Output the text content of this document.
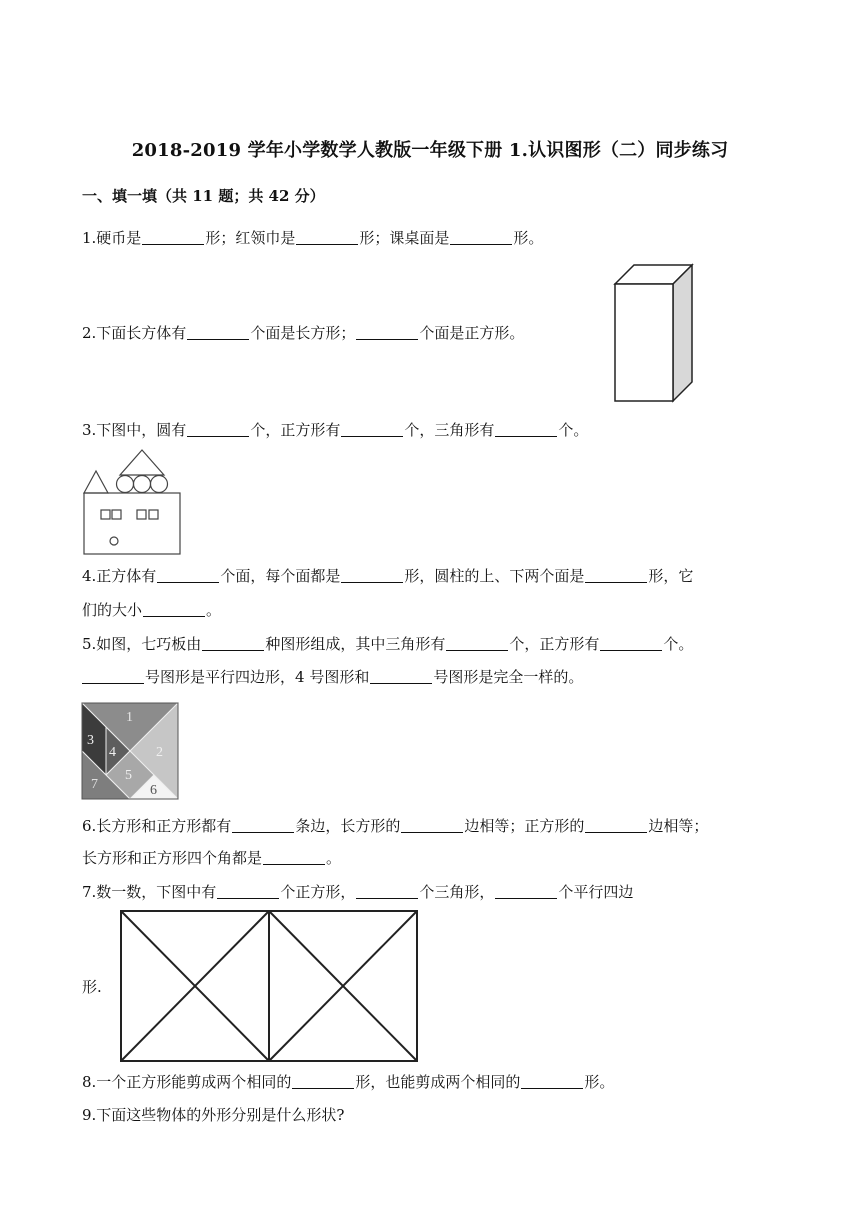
2018-2019 学年小学数学人教版一年级下册 1.认识图形（二）同步练习
一、填一填（共 11 题；共 42 分）
1.硬币是	形；红领巾是	形；课桌面是	形。
2.下面长方体有	个面是长方形；	个面是正方形。
3.下图中，圆有	个，正方形有	个，三角形有	个。
4.正方体有	个面，每个面都是	形，圆柱的上、下两个面是	形，它
们的大小	。
5.如图，七巧板由	种图形组成，其中三角形有	个，正方形有	个。
号图形是平行四边形，4 号图形和	号图形是完全一样的。
1
2
3
4
5
6
7
6.长方形和正方形都有	条边，长方形的	边相等；正方形的	边相等；
长方形和正方形四个角都是	。
7.数一数，下图中有	个正方形，	个三角形，	个平行四边
形.
8.一个正方形能剪成两个相同的	形，也能剪成两个相同的	形。
9.下面这些物体的外形分别是什么形状?
